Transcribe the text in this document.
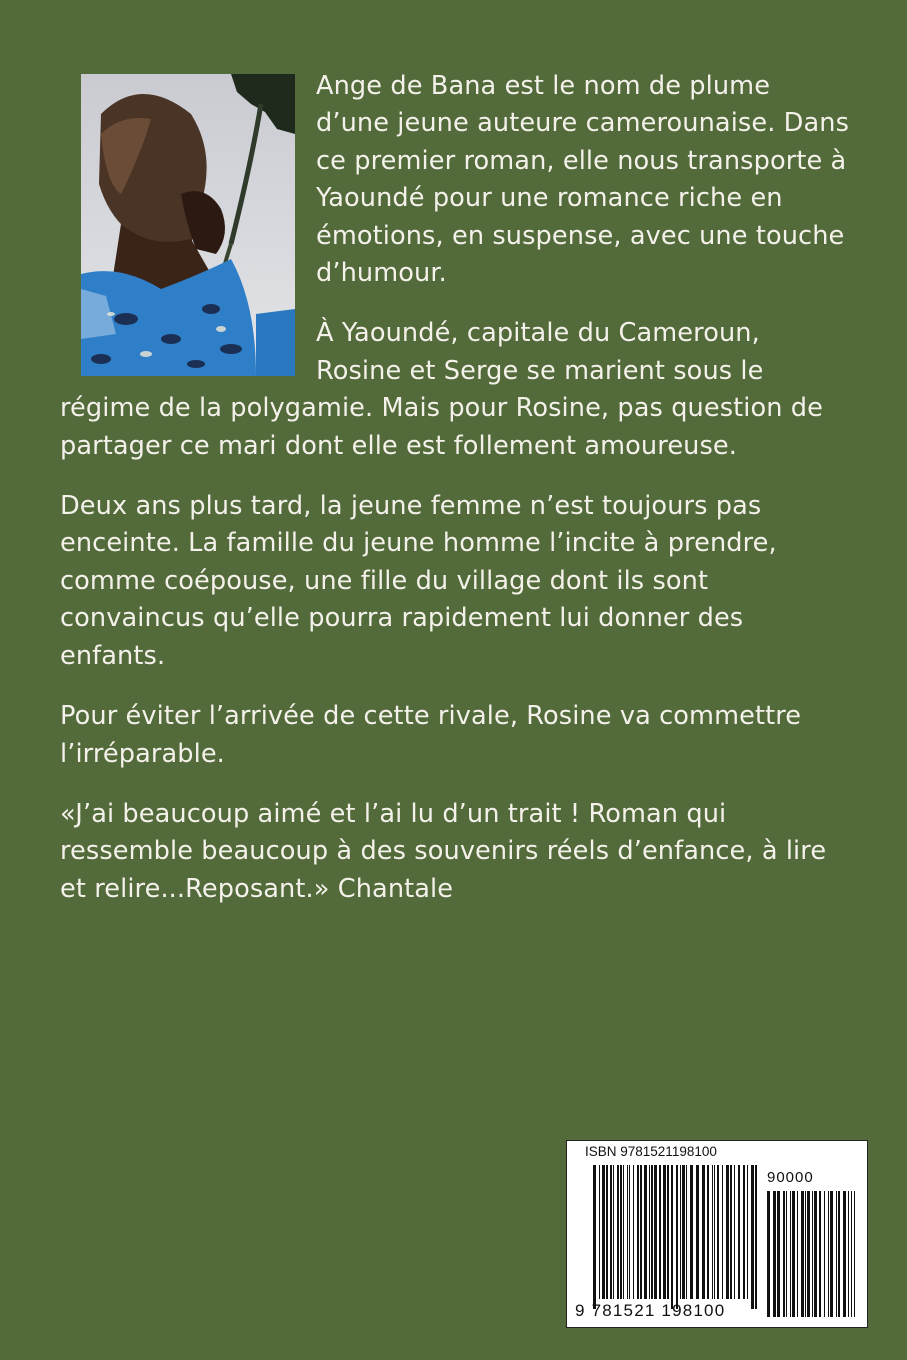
Ange de Bana est le nom de plume d’une jeune auteure camerounaise. Dans ce premier roman, elle nous transporte à Yaoundé pour une romance riche en émotions, en suspense, avec une touche d’humour.

À Yaoundé, capitale du Cameroun, Rosine et Serge se marient sous le régime de la polygamie. Mais pour Rosine, pas question de partager ce mari dont elle est follement amoureuse.

Deux ans plus tard, la jeune femme n’est toujours pas enceinte. La famille du jeune homme l’incite à prendre, comme coépouse, une fille du village dont ils sont convaincus qu’elle pourra rapidement lui donner des enfants.

Pour éviter l’arrivée de cette rivale, Rosine va commettre l’irréparable.

«J’ai beaucoup aimé et l’ai lu d’un trait ! Roman qui ressemble beaucoup à des souvenirs réels d’enfance, à lire et relire...Reposant.» Chantale

ISBN 9781521198100
90000
9 781521 198100
